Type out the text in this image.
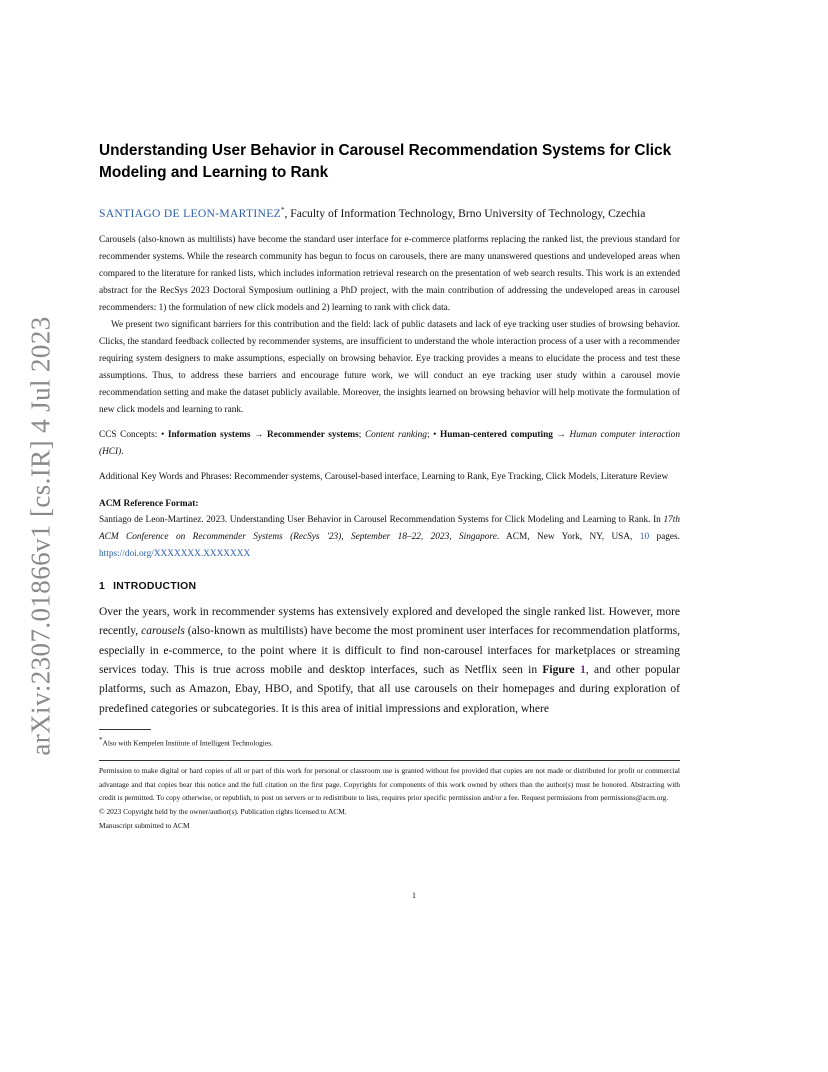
arXiv:2307.01866v1 [cs.IR] 4 Jul 2023
Understanding User Behavior in Carousel Recommendation Systems for Click Modeling and Learning to Rank
SANTIAGO DE LEON-MARTINEZ*, Faculty of Information Technology, Brno University of Technology, Czechia

Carousels (also-known as multilists) have become the standard user interface for e-commerce platforms replacing the ranked list, the previous standard for recommender systems. While the research community has begun to focus on carousels, there are many unanswered questions and undeveloped areas when compared to the literature for ranked lists, which includes information retrieval research on the presentation of web search results. This work is an extended abstract for the RecSys 2023 Doctoral Symposium outlining a PhD project, with the main contribution of addressing the undeveloped areas in carousel recommenders: 1) the formulation of new click models and 2) learning to rank with click data.

We present two significant barriers for this contribution and the field: lack of public datasets and lack of eye tracking user studies of browsing behavior. Clicks, the standard feedback collected by recommender systems, are insufficient to understand the whole interaction process of a user with a recommender requiring system designers to make assumptions, especially on browsing behavior. Eye tracking provides a means to elucidate the process and test these assumptions. Thus, to address these barriers and encourage future work, we will conduct an eye tracking user study within a carousel movie recommendation setting and make the dataset publicly available. Moreover, the insights learned on browsing behavior will help motivate the formulation of new click models and learning to rank.

CCS Concepts: • Information systems → Recommender systems; Content ranking; • Human-centered computing → Human computer interaction (HCI).
Additional Key Words and Phrases: Recommender systems, Carousel-based interface, Learning to Rank, Eye Tracking, Click Models, Literature Review
ACM Reference Format:
Santiago de Leon-Martinez. 2023. Understanding User Behavior in Carousel Recommendation Systems for Click Modeling and Learning to Rank. In 17th ACM Conference on Recommender Systems (RecSys '23), September 18–22, 2023, Singapore. ACM, New York, NY, USA, 10 pages. https://doi.org/XXXXXXX.XXXXXXX
1 INTRODUCTION
Over the years, work in recommender systems has extensively explored and developed the single ranked list. However, more recently, carousels (also-known as multilists) have become the most prominent user interfaces for recommendation platforms, especially in e-commerce, to the point where it is difficult to find non-carousel interfaces for marketplaces or streaming services today. This is true across mobile and desktop interfaces, such as Netflix seen in Figure 1, and other popular platforms, such as Amazon, Ebay, HBO, and Spotify, that all use carousels on their homepages and during exploration of predefined categories or subcategories. It is this area of initial impressions and exploration, where
*Also with Kempelen Institute of Intelligent Technologies.
Permission to make digital or hard copies of all or part of this work for personal or classroom use is granted without fee provided that copies are not made or distributed for profit or commercial advantage and that copies bear this notice and the full citation on the first page. Copyrights for components of this work owned by others than the author(s) must be honored. Abstracting with credit is permitted. To copy otherwise, or republish, to post on servers or to redistribute to lists, requires prior specific permission and/or a fee. Request permissions from permissions@acm.org.
© 2023 Copyright held by the owner/author(s). Publication rights licensed to ACM.
Manuscript submitted to ACM
1
